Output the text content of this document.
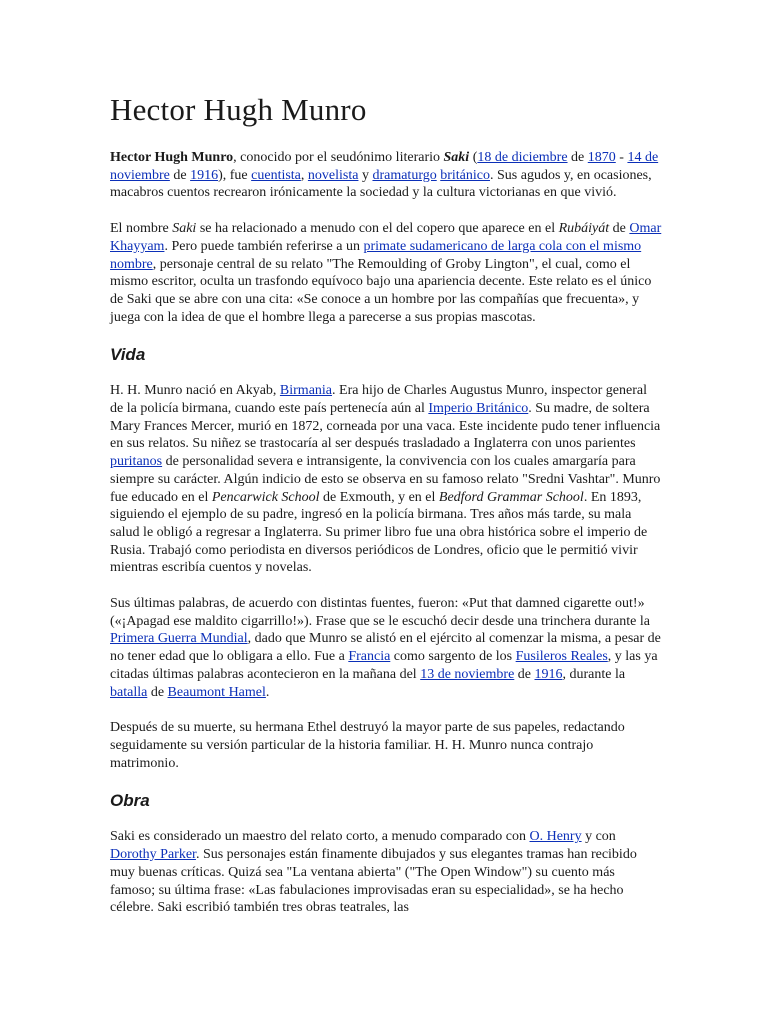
Hector Hugh Munro

Hector Hugh Munro, conocido por el seudónimo literario Saki (18 de diciembre de 1870 - 14 de noviembre de 1916), fue cuentista, novelista y dramaturgo británico. Sus agudos y, en ocasiones, macabros cuentos recrearon irónicamente la sociedad y la cultura victorianas en que vivió.

El nombre Saki se ha relacionado a menudo con el del copero que aparece en el Rubáiyát de Omar Khayyam. Pero puede también referirse a un primate sudamericano de larga cola con el mismo nombre, personaje central de su relato "The Remoulding of Groby Lington", el cual, como el mismo escritor, oculta un trasfondo equívoco bajo una apariencia decente. Este relato es el único de Saki que se abre con una cita: «Se conoce a un hombre por las compañías que frecuenta», y juega con la idea de que el hombre llega a parecerse a sus propias mascotas.

Vida

H. H. Munro nació en Akyab, Birmania. Era hijo de Charles Augustus Munro, inspector general de la policía birmana, cuando este país pertenecía aún al Imperio Británico. Su madre, de soltera Mary Frances Mercer, murió en 1872, corneada por una vaca. Este incidente pudo tener influencia en sus relatos. Su niñez se trastocaría al ser después trasladado a Inglaterra con unos parientes puritanos de personalidad severa e intransigente, la convivencia con los cuales amargaría para siempre su carácter. Algún indicio de esto se observa en su famoso relato "Sredni Vashtar". Munro fue educado en el Pencarwick School de Exmouth, y en el Bedford Grammar School. En 1893, siguiendo el ejemplo de su padre, ingresó en la policía birmana. Tres años más tarde, su mala salud le obligó a regresar a Inglaterra. Su primer libro fue una obra histórica sobre el imperio de Rusia. Trabajó como periodista en diversos periódicos de Londres, oficio que le permitió vivir mientras escribía cuentos y novelas.

Sus últimas palabras, de acuerdo con distintas fuentes, fueron: «Put that damned cigarette out!» («¡Apagad ese maldito cigarrillo!»). Frase que se le escuchó decir desde una trinchera durante la Primera Guerra Mundial, dado que Munro se alistó en el ejército al comenzar la misma, a pesar de no tener edad que lo obligara a ello. Fue a Francia como sargento de los Fusileros Reales, y las ya citadas últimas palabras acontecieron en la mañana del 13 de noviembre de 1916, durante la batalla de Beaumont Hamel.

Después de su muerte, su hermana Ethel destruyó la mayor parte de sus papeles, redactando seguidamente su versión particular de la historia familiar. H. H. Munro nunca contrajo matrimonio.

Obra

Saki es considerado un maestro del relato corto, a menudo comparado con O. Henry y con Dorothy Parker. Sus personajes están finamente dibujados y sus elegantes tramas han recibido muy buenas críticas. Quizá sea "La ventana abierta" ("The Open Window") su cuento más famoso; su última frase: «Las fabulaciones improvisadas eran su especialidad», se ha hecho célebre. Saki escribió también tres obras teatrales, las
